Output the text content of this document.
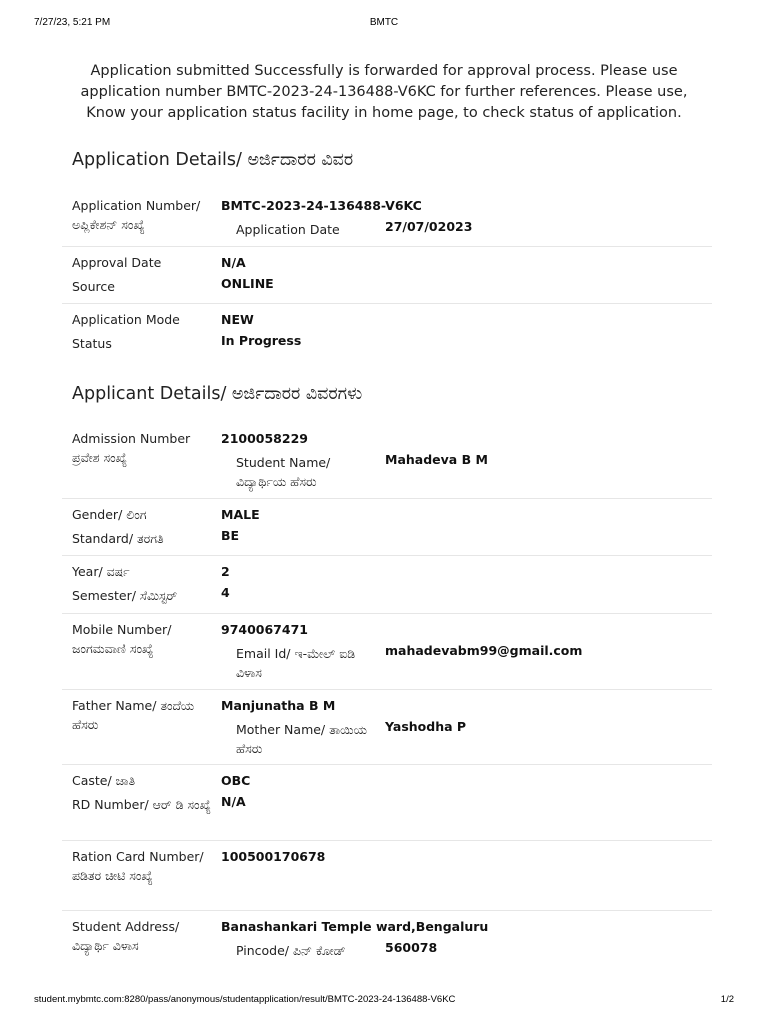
7/27/23, 5:21 PM	BMTC
Application submitted Successfully is forwarded for approval process. Please use application number BMTC-2023-24-136488-V6KC for further references. Please use, Know your application status facility in home page, to check status of application.
Application Details/ ಅರ್ಜಿದಾರರ ವಿವರ
Application Number/ ಅಪ್ಲಿಕೇಶನ್ ಸಂಖ್ಯೆ
BMTC-2023-24-136488-V6KC
Application Date	27/07/02023
Approval Date	N/A
Source	ONLINE
Application Mode	NEW
Status	In Progress
Applicant Details/ ಅರ್ಜಿದಾರರ ವಿವರಗಳು
Admission Number ಪ್ರವೇಶ ಸಂಖ್ಯೆ
2100058229
Student Name/ ವಿದ್ಯಾರ್ಥಿಯ ಹೆಸರು
Mahadeva B M
Gender/ ಲಿಂಗ	MALE
Standard/ ತರಗತಿ	BE
Year/ ವರ್ಷ	2
Semester/ ಸೆಮಿಸ್ಟರ್	4
Mobile Number/ ಜಂಗಮವಾಣಿ ಸಂಖ್ಯೆ
9740067471
Email Id/ ಇ-ಮೇಲ್ ಐಡಿ ವಿಳಾಸ
mahadevabm99@gmail.com
Father Name/ ತಂದೆಯ ಹೆಸರು
Manjunatha B M
Mother Name/ ತಾಯಿಯ ಹೆಸರು
Yashodha P
Caste/ ಜಾತಿ	OBC
RD Number/ ಆರ್ ಡಿ ಸಂಖ್ಯೆ N/A
Ration Card Number/ ಪಡಿತರ ಚೀಟಿ ಸಂಖ್ಯೆ
100500170678
Student Address/ ವಿದ್ಯಾರ್ಥಿ ವಿಳಾಸ
Banashankari Temple ward,Bengaluru
Pincode/ ಪಿನ್ ಕೋಡ್	560078
student.mybmtc.com:8280/pass/anonymous/studentapplication/result/BMTC-2023-24-136488-V6KC	1/2
